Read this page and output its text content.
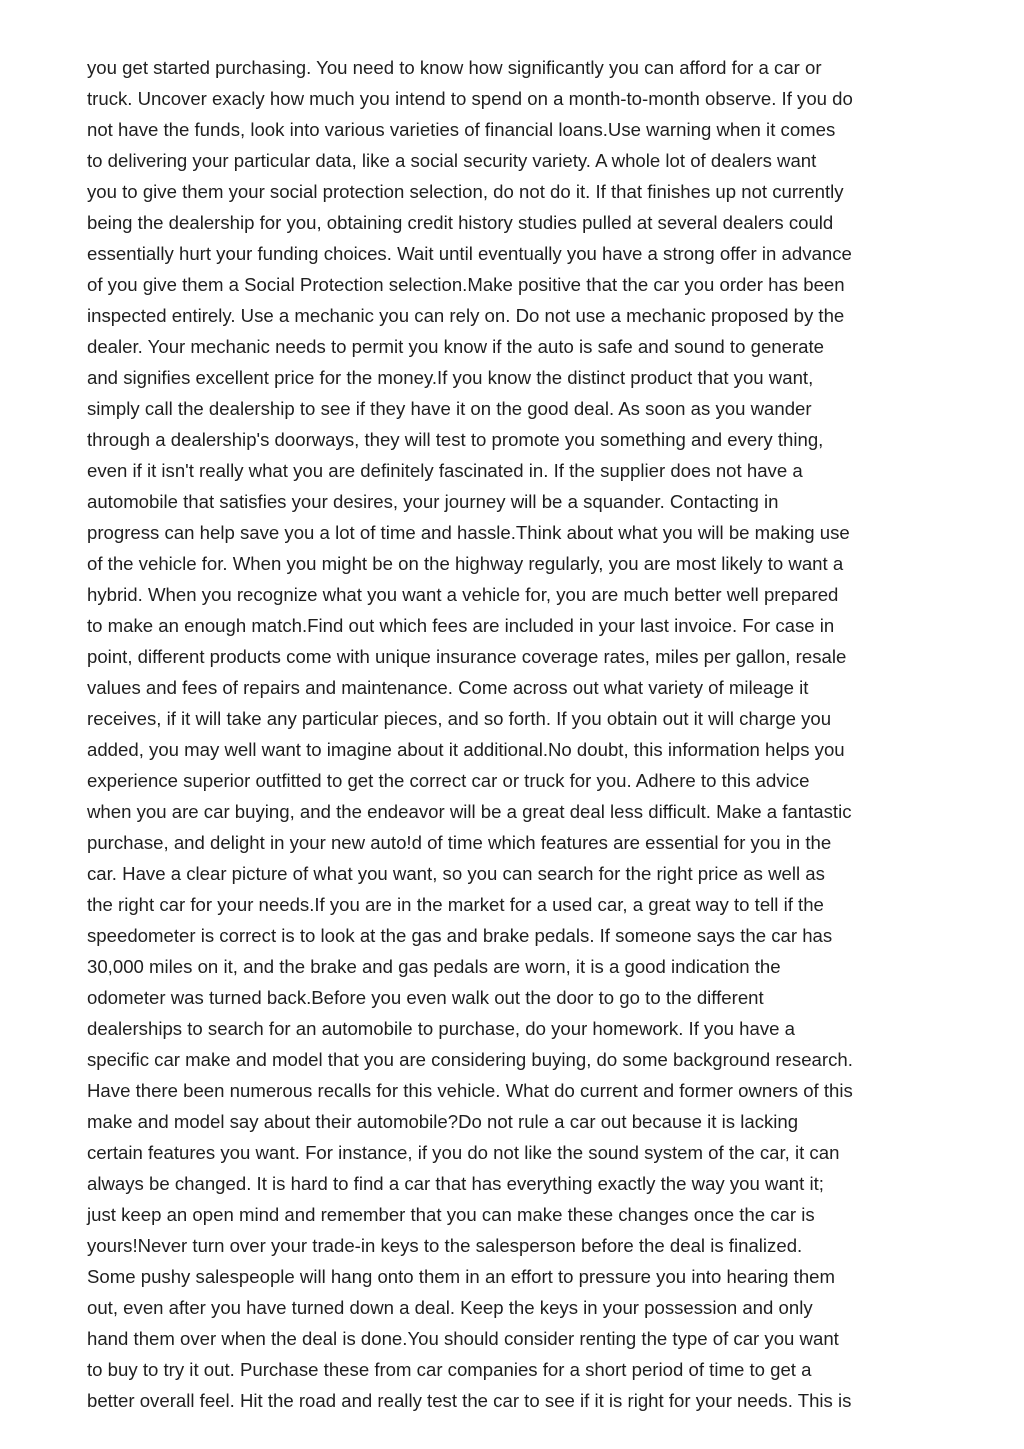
you get started purchasing. You need to know how significantly you can afford for a car or
truck. Uncover exacly how much you intend to spend on a month-to-month observe. If you do
not have the funds, look into various varieties of financial loans.Use warning when it comes
to delivering your particular data, like a social security variety. A whole lot of dealers want
you to give them your social protection selection, do not do it. If that finishes up not currently
being the dealership for you, obtaining credit history studies pulled at several dealers could
essentially hurt your funding choices. Wait until eventually you have a strong offer in advance
of you give them a Social Protection selection.Make positive that the car you order has been
inspected entirely. Use a mechanic you can rely on. Do not use a mechanic proposed by the
dealer. Your mechanic needs to permit you know if the auto is safe and sound to generate
and signifies excellent price for the money.If you know the distinct product that you want,
simply call the dealership to see if they have it on the good deal. As soon as you wander
through a dealership's doorways, they will test to promote you something and every thing,
even if it isn't really what you are definitely fascinated in. If the supplier does not have a
automobile that satisfies your desires, your journey will be a squander. Contacting in
progress can help save you a lot of time and hassle.Think about what you will be making use
of the vehicle for. When you might be on the highway regularly, you are most likely to want a
hybrid. When you recognize what you want a vehicle for, you are much better well prepared
to make an enough match.Find out which fees are included in your last invoice. For case in
point, different products come with unique insurance coverage rates, miles per gallon, resale
values and fees of repairs and maintenance. Come across out what variety of mileage it
receives, if it will take any particular pieces, and so forth. If you obtain out it will charge you
added, you may well want to imagine about it additional.No doubt, this information helps you
experience superior outfitted to get the correct car or truck for you. Adhere to this advice
when you are car buying, and the endeavor will be a great deal less difficult. Make a fantastic
purchase, and delight in your new auto!d of time which features are essential for you in the
car. Have a clear picture of what you want, so you can search for the right price as well as
the right car for your needs.If you are in the market for a used car, a great way to tell if the
speedometer is correct is to look at the gas and brake pedals. If someone says the car has
30,000 miles on it, and the brake and gas pedals are worn, it is a good indication the
odometer was turned back.Before you even walk out the door to go to the different
dealerships to search for an automobile to purchase, do your homework. If you have a
specific car make and model that you are considering buying, do some background research.
Have there been numerous recalls for this vehicle. What do current and former owners of this
make and model say about their automobile?Do not rule a car out because it is lacking
certain features you want. For instance, if you do not like the sound system of the car, it can
always be changed. It is hard to find a car that has everything exactly the way you want it;
just keep an open mind and remember that you can make these changes once the car is
yours!Never turn over your trade-in keys to the salesperson before the deal is finalized.
Some pushy salespeople will hang onto them in an effort to pressure you into hearing them
out, even after you have turned down a deal. Keep the keys in your possession and only
hand them over when the deal is done.You should consider renting the type of car you want
to buy to try it out. Purchase these from car companies for a short period of time to get a
better overall feel. Hit the road and really test the car to see if it is right for your needs. This is
